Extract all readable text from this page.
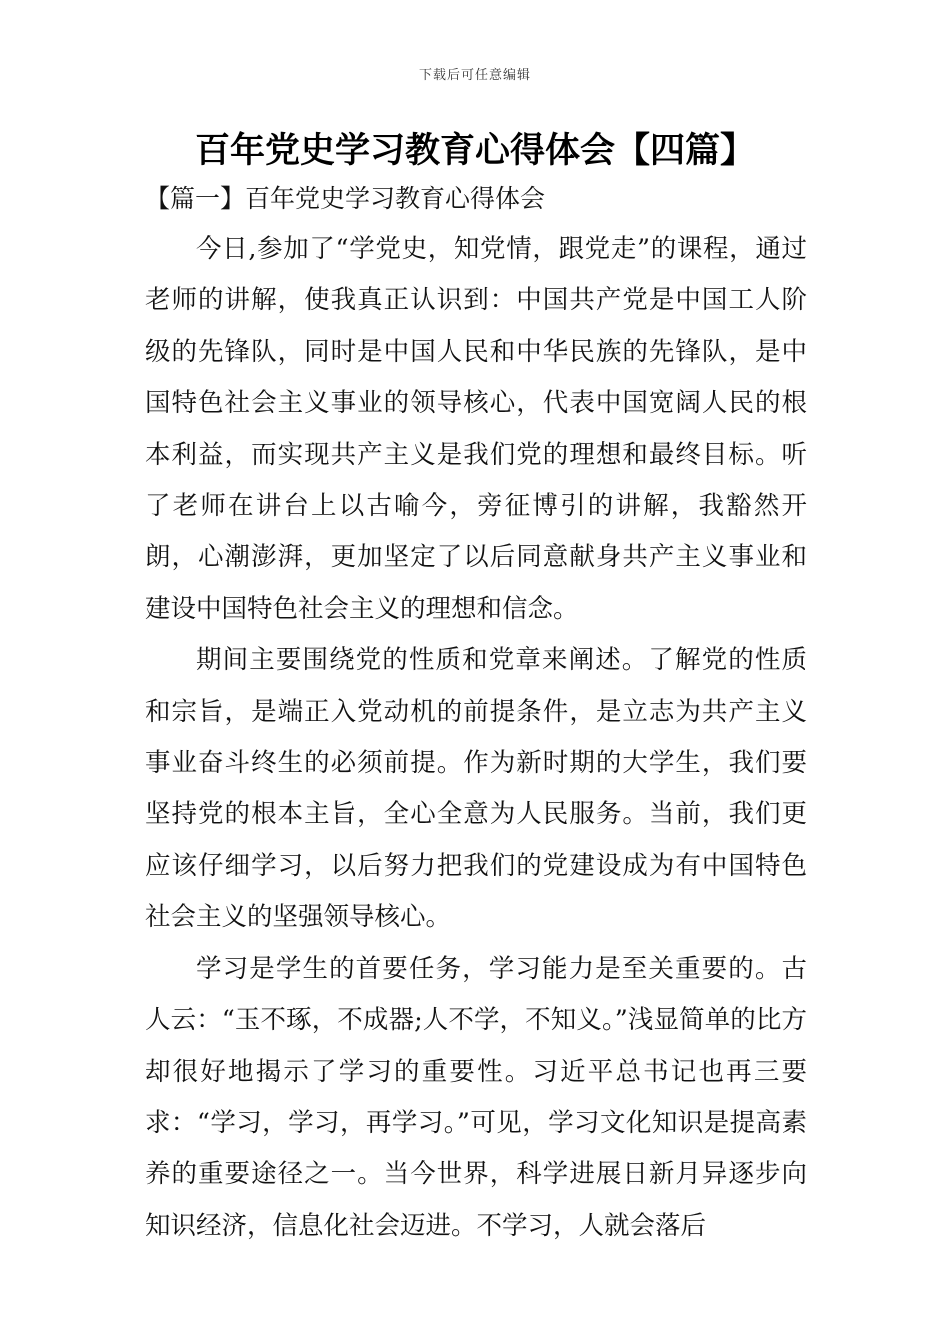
下载后可任意编辑
百年党史学习教育心得体会【四篇】
【篇一】百年党史学习教育心得体会

今日,参加了“学党史，知党情，跟党走”的课程，通过老师的讲解，使我真正认识到：中国共产党是中国工人阶级的先锋队，同时是中国人民和中华民族的先锋队，是中国特色社会主义事业的领导核心，代表中国宽阔人民的根本利益，而实现共产主义是我们党的理想和最终目标。听了老师在讲台上以古喻今，旁征博引的讲解，我豁然开朗，心潮澎湃，更加坚定了以后同意献身共产主义事业和建设中国特色社会主义的理想和信念。

期间主要围绕党的性质和党章来阐述。了解党的性质和宗旨，是端正入党动机的前提条件，是立志为共产主义事业奋斗终生的必须前提。作为新时期的大学生，我们要坚持党的根本主旨，全心全意为人民服务。当前，我们更应该仔细学习，以后努力把我们的党建设成为有中国特色社会主义的坚强领导核心。

学习是学生的首要任务，学习能力是至关重要的。古人云：“玉不琢，不成器;人不学，不知义。”浅显简单的比方却很好地揭示了学习的重要性。习近平总书记也再三要求：“学习，学习，再学习。”可见，学习文化知识是提高素养的重要途径之一。当今世界，科学进展日新月异逐步向知识经济，信息化社会迈进。不学习，人就会落后
